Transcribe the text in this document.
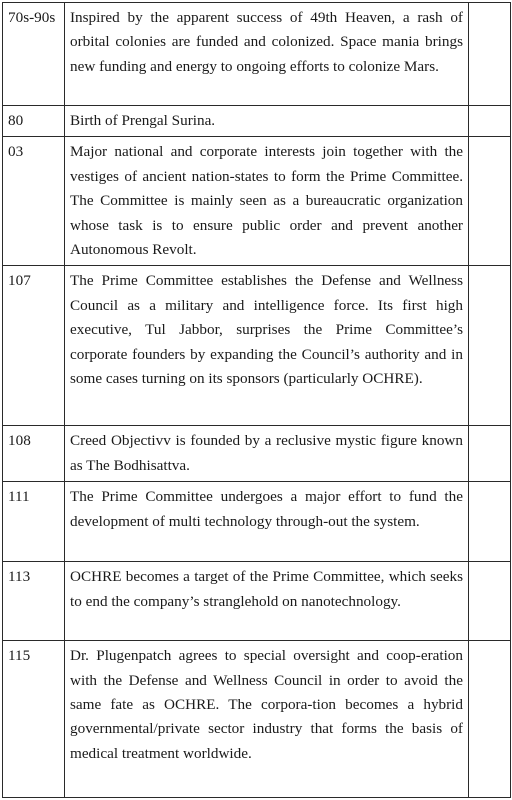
70s-90s	Inspired by the apparent success of 49th Heaven, a rash of orbital colonies are funded and colonized. Space mania brings new funding and energy to ongoing efforts to colonize Mars.	
80	Birth of Prengal Surina.	
03	Major national and corporate interests join together with the vestiges of ancient nation-states to form the Prime Committee. The Committee is mainly seen as a bureaucratic organization whose task is to ensure public order and prevent another Autonomous Revolt.	
107	The Prime Committee establishes the Defense and Wellness Council as a military and intelligence force. Its first high executive, Tul Jabbor, surprises the Prime Committee’s corporate founders by expanding the Council’s authority and in some cases turning on its sponsors (particularly OCHRE).	
108	Creed Objectivv is founded by a reclusive mystic figure known as The Bodhisattva.	
111	The Prime Committee undergoes a major effort to fund the development of multi technology through-out the system.	
113	OCHRE becomes a target of the Prime Committee, which seeks to end the company’s stranglehold on nanotechnology.	
115	Dr. Plugenpatch agrees to special oversight and coop-eration with the Defense and Wellness Council in order to avoid the same fate as OCHRE. The corpora-tion becomes a hybrid governmental/private sector industry that forms the basis of medical treatment worldwide.	
